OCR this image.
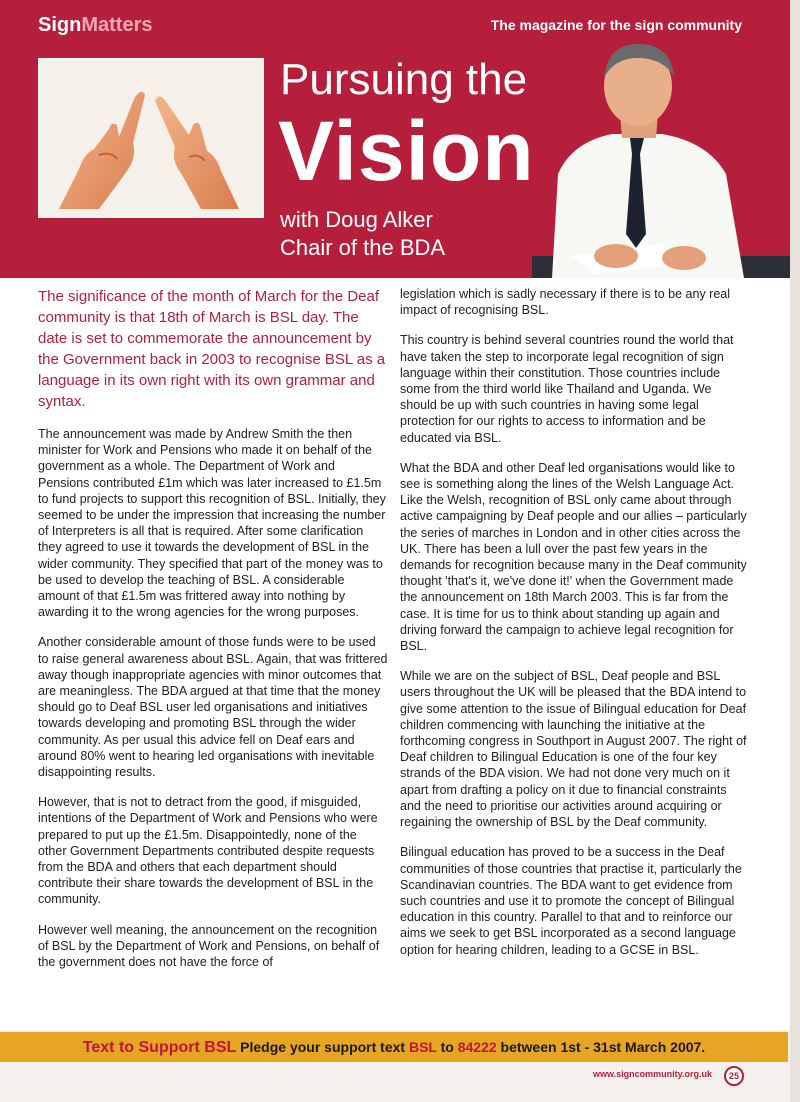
SignMatters	The magazine for the sign community
Pursuing the
Vision
with Doug Alker
Chair of the BDA

The significance of the month of March for the Deaf community is that 18th of March is BSL day. The date is set to commemorate the announcement by the Government back in 2003 to recognise BSL as a language in its own right with its own grammar and syntax.

The announcement was made by Andrew Smith the then minister for Work and Pensions who made it on behalf of the government as a whole. The Department of Work and Pensions contributed £1m which was later increased to £1.5m to fund projects to support this recognition of BSL. Initially, they seemed to be under the impression that increasing the number of Interpreters is all that is required. After some clarification they agreed to use it towards the development of BSL in the wider community. They specified that part of the money was to be used to develop the teaching of BSL. A considerable amount of that £1.5m was frittered away into nothing by awarding it to the wrong agencies for the wrong purposes.

Another considerable amount of those funds were to be used to raise general awareness about BSL. Again, that was frittered away though inappropriate agencies with minor outcomes that are meaningless. The BDA argued at that time that the money should go to Deaf BSL user led organisations and initiatives towards developing and promoting BSL through the wider community. As per usual this advice fell on Deaf ears and around 80% went to hearing led organisations with inevitable disappointing results.

However, that is not to detract from the good, if misguided, intentions of the Department of Work and Pensions who were prepared to put up the £1.5m. Disappointedly, none of the other Government Departments contributed despite requests from the BDA and others that each department should contribute their share towards the development of BSL in the community.

However well meaning, the announcement on the recognition of BSL by the Department of Work and Pensions, on behalf of the government does not have the force of

legislation which is sadly necessary if there is to be any real impact of recognising BSL.

This country is behind several countries round the world that have taken the step to incorporate legal recognition of sign language within their constitution. Those countries include some from the third world like Thailand and Uganda. We should be up with such countries in having some legal protection for our rights to access to information and be educated via BSL.

What the BDA and other Deaf led organisations would like to see is something along the lines of the Welsh Language Act. Like the Welsh, recognition of BSL only came about through active campaigning by Deaf people and our allies – particularly the series of marches in London and in other cities across the UK. There has been a lull over the past few years in the demands for recognition because many in the Deaf community thought 'that's it, we've done it!' when the Government made the announcement on 18th March 2003. This is far from the case. It is time for us to think about standing up again and driving forward the campaign to achieve legal recognition for BSL.

While we are on the subject of BSL, Deaf people and BSL users throughout the UK will be pleased that the BDA intend to give some attention to the issue of Bilingual education for Deaf children commencing with launching the initiative at the forthcoming congress in Southport in August 2007. The right of Deaf children to Bilingual Education is one of the four key strands of the BDA vision. We had not done very much on it apart from drafting a policy on it due to financial constraints and the need to prioritise our activities around acquiring or regaining the ownership of BSL by the Deaf community.

Bilingual education has proved to be a success in the Deaf communities of those countries that practise it, particularly the Scandinavian countries. The BDA want to get evidence from such countries and use it to promote the concept of Bilingual education in this country. Parallel to that and to reinforce our aims we seek to get BSL incorporated as a second language option for hearing children, leading to a GCSE in BSL.

Text to Support BSL Pledge your support text BSL to 84222 between 1st - 31st March 2007.
www.signcommunity.org.uk	25
